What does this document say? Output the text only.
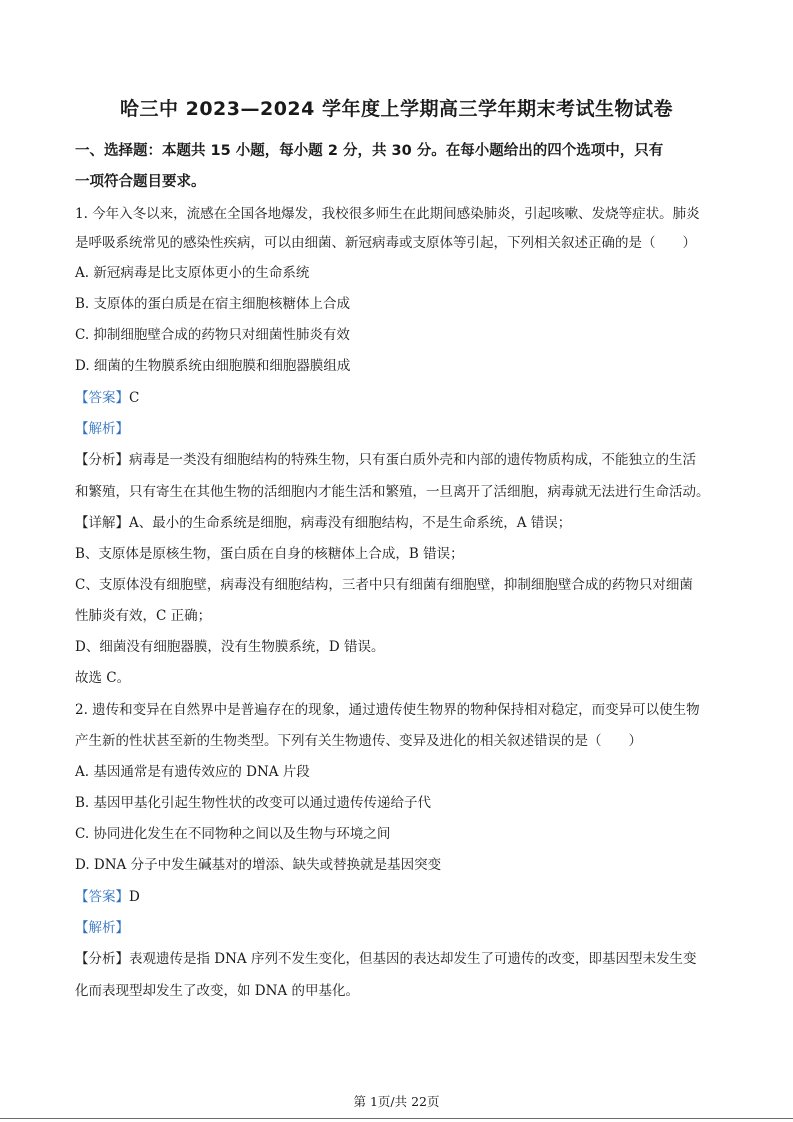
哈三中 2023—2024 学年度上学期高三学年期末考试生物试卷
一、选择题：本题共 15 小题，每小题 2 分，共 30 分。在每小题给出的四个选项中，只有
一项符合题目要求。
1. 今年入冬以来，流感在全国各地爆发，我校很多师生在此期间感染肺炎，引起咳嗽、发烧等症状。肺炎
是呼吸系统常见的感染性疾病，可以由细菌、新冠病毒或支原体等引起，下列相关叙述正确的是（　　）
A. 新冠病毒是比支原体更小的生命系统
B. 支原体的蛋白质是在宿主细胞核糖体上合成
C. 抑制细胞壁合成的药物只对细菌性肺炎有效
D. 细菌的生物膜系统由细胞膜和细胞器膜组成
【答案】C
【解析】
【分析】病毒是一类没有细胞结构的特殊生物，只有蛋白质外壳和内部的遗传物质构成，不能独立的生活
和繁殖，只有寄生在其他生物的活细胞内才能生活和繁殖，一旦离开了活细胞，病毒就无法进行生命活动。
【详解】A、最小的生命系统是细胞，病毒没有细胞结构，不是生命系统，A 错误；
B、支原体是原核生物，蛋白质在自身的核糖体上合成，B 错误；
C、支原体没有细胞壁，病毒没有细胞结构，三者中只有细菌有细胞壁，抑制细胞壁合成的药物只对细菌
性肺炎有效，C 正确；
D、细菌没有细胞器膜，没有生物膜系统，D 错误。
故选 C。
2. 遗传和变异在自然界中是普遍存在的现象，通过遗传使生物界的物种保持相对稳定，而变异可以使生物
产生新的性状甚至新的生物类型。下列有关生物遗传、变异及进化的相关叙述错误的是（　　）
A. 基因通常是有遗传效应的 DNA 片段
B. 基因甲基化引起生物性状的改变可以通过遗传传递给子代
C. 协同进化发生在不同物种之间以及生物与环境之间
D. DNA 分子中发生碱基对的增添、缺失或替换就是基因突变
【答案】D
【解析】
【分析】表观遗传是指 DNA 序列不发生变化，但基因的表达却发生了可遗传的改变，即基因型未发生变
化而表现型却发生了改变，如 DNA 的甲基化。
第 1页/共 22页
